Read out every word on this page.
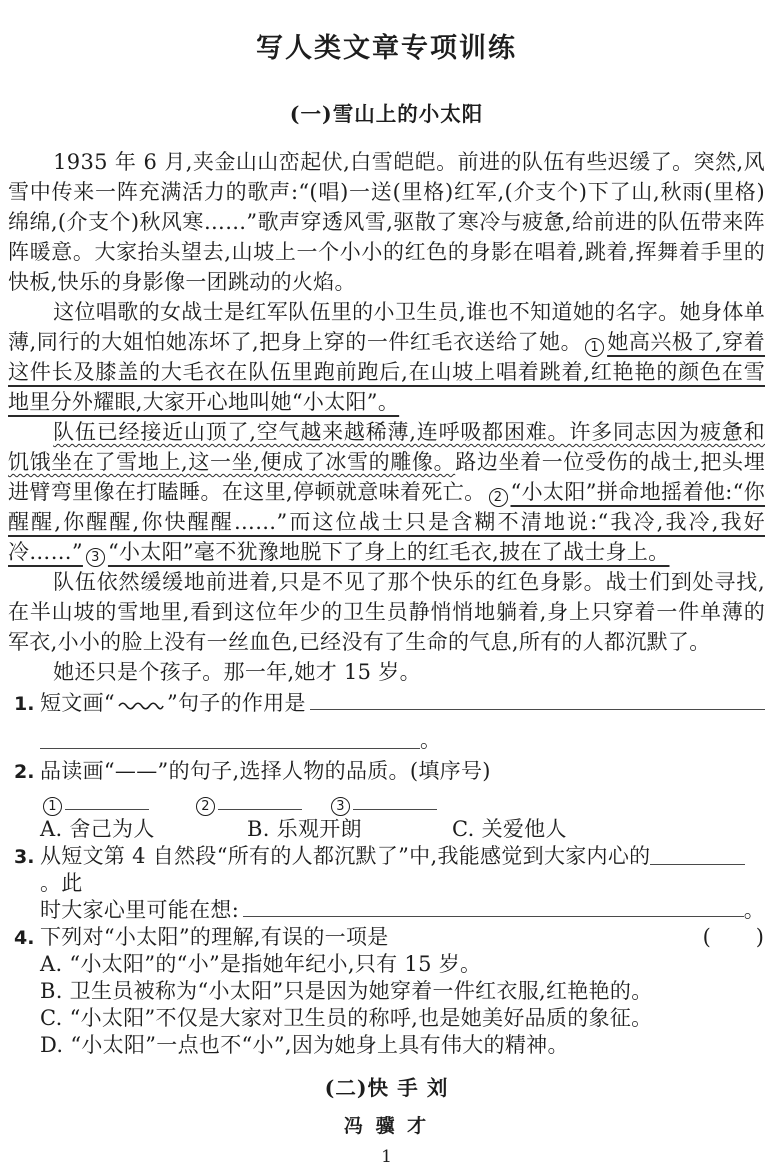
写人类文章专项训练
(一)雪山上的小太阳

1935 年 6 月,夹金山山峦起伏,白雪皑皑。前进的队伍有些迟缓了。突然,风雪中传来一阵充满活力的歌声:“(唱)一送(里格)红军,(介支个)下了山,秋雨(里格)绵绵,(介支个)秋风寒……”歌声穿透风雪,驱散了寒冷与疲惫,给前进的队伍带来阵阵暖意。大家抬头望去,山坡上一个小小的红色的身影在唱着,跳着,挥舞着手里的快板,快乐的身影像一团跳动的火焰。

这位唱歌的女战士是红军队伍里的小卫生员,谁也不知道她的名字。她身体单薄,同行的大姐怕她冻坏了,把身上穿的一件红毛衣送给了她。 1 她高兴极了,穿着这件长及膝盖的大毛衣在队伍里跑前跑后,在山坡上唱着跳着,红艳艳的颜色在雪地里分外耀眼,大家开心地叫她“小太阳”。

队伍已经接近山顶了,空气越来越稀薄,连呼吸都困难。许多同志因为疲惫和饥饿坐在了雪地上,这一坐,便成了冰雪的雕像。路边坐着一位受伤的战士,把头埋进臂弯里像在打瞌睡。在这里,停顿就意味着死亡。 2 “小太阳”拼命地摇着他:“你醒醒,你醒醒,你快醒醒……”而这位战士只是含糊不清地说:“我冷,我冷,我好冷……” 3 “小太阳”毫不犹豫地脱下了身上的红毛衣,披在了战士身上。

队伍依然缓缓地前进着,只是不见了那个快乐的红色身影。战士们到处寻找,在半山坡的雪地里,看到这位年少的卫生员静悄悄地躺着,身上只穿着一件单薄的军衣,小小的脸上没有一丝血色,已经没有了生命的气息,所有的人都沉默了。

她还只是个孩子。那一年,她才 15 岁。

1. 短文画“ ”句子的作用是
。
2. 品读画“——”的句子,选择人物的品质。(填序号)
1	2	3
A. 舍己为人	B. 乐观开朗	C. 关爱他人
3. 从短文第 4 自然段“所有的人都沉默了”中,我能感觉到大家内心的。此
时大家心里可能在想:	。
4. 下列对“小太阳”的理解,有误的一项是	(　　)
A. “小太阳”的“小”是指她年纪小,只有 15 岁。
B. 卫生员被称为“小太阳”只是因为她穿着一件红衣服,红艳艳的。
C. “小太阳”不仅是大家对卫生员的称呼,也是她美好品质的象征。
D. “小太阳”一点也不“小”,因为她身上具有伟大的精神。
(二)快 手 刘
冯 骥 才
1
